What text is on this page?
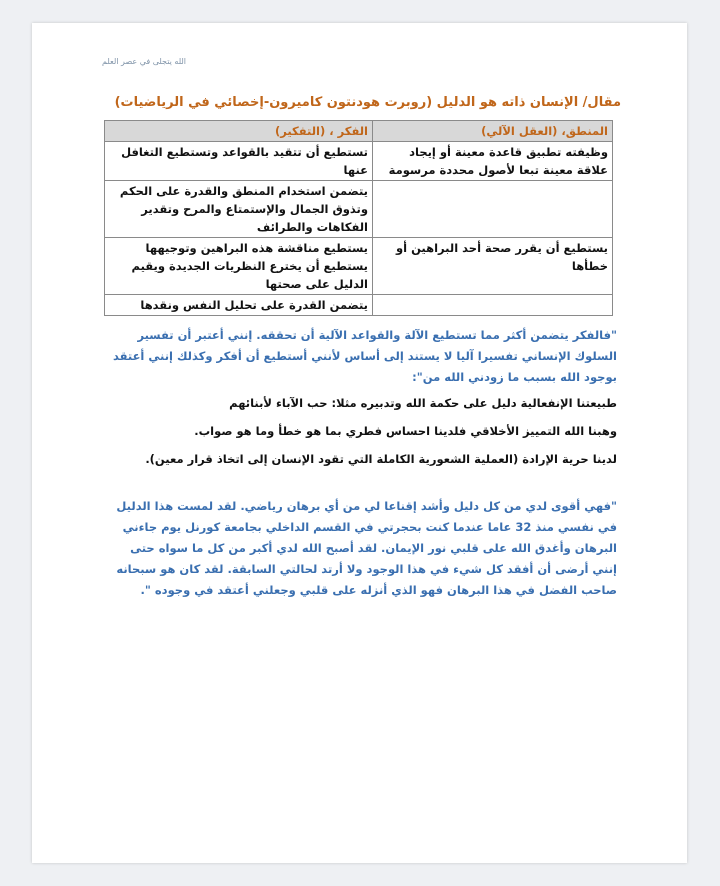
الله يتجلى في عصر العلم
مقال/ الإنسان ذاته هو الدليل (روبرت هودنتون كاميرون-إخصائي في الرياضيات)
المنطق، (العقل الآلي)	الفكر ، (التفكير)
وظيفته تطبيق قاعدة معينة أو إيجاد علاقة معينة تبعا لأصول محددة مرسومة	تستطيع أن تتقيد بالقواعد وتستطيع التغافل عنها
	يتضمن استخدام المنطق والقدرة على الحكم وتذوق الجمال والإستمتاع والمرح وتقدير الفكاهات والطرائف
يستطيع أن يقرر صحة أحد البراهين أو خطأها	يستطيع مناقشة هذه البراهين وتوجيهها يستطيع أن يخترع النظريات الجديدة ويقيم الدليل على صحتها
	يتضمن القدرة على تحليل النفس ونقدها
"فالفكر يتضمن أكثر مما تستطيع الآلة والقواعد الآلية أن تحققه. إنني أعتبر أن تفسير السلوك الإنساني تفسيرا آليا لا يستند إلى أساس لأنني أستطيع أن أفكر وكذلك إنني أعتقد بوجود الله بسبب ما زودني الله من":
طبيعتنا الإنفعالية دليل على حكمة الله وتدبيره مثلا: حب الآباء لأبنائهم
وهبنا الله التمييز الأخلاقي فلدينا احساس فطري بما هو خطأ وما هو صواب.
لدينا حرية الإرادة (العملية الشعورية الكاملة التي تقود الإنسان إلى اتخاذ قرار معين).
"فهي أقوى لدي من كل دليل وأشد إقناعا لي من أي برهان رياضي. لقد لمست هذا الدليل في نفسي منذ 32 عاما عندما كنت بحجرتي في القسم الداخلي بجامعة كورنل يوم جاءني البرهان وأغدق الله على قلبي نور الإيمان. لقد أصبح الله لدي أكبر من كل ما سواه حتى إنني أرضى أن أفقد كل شيء في هذا الوجود ولا أرتد لحالتي السابقة. لقد كان هو سبحانه صاحب الفضل في هذا البرهان فهو الذي أنزله على قلبي وجعلني أعتقد في وجوده ".
